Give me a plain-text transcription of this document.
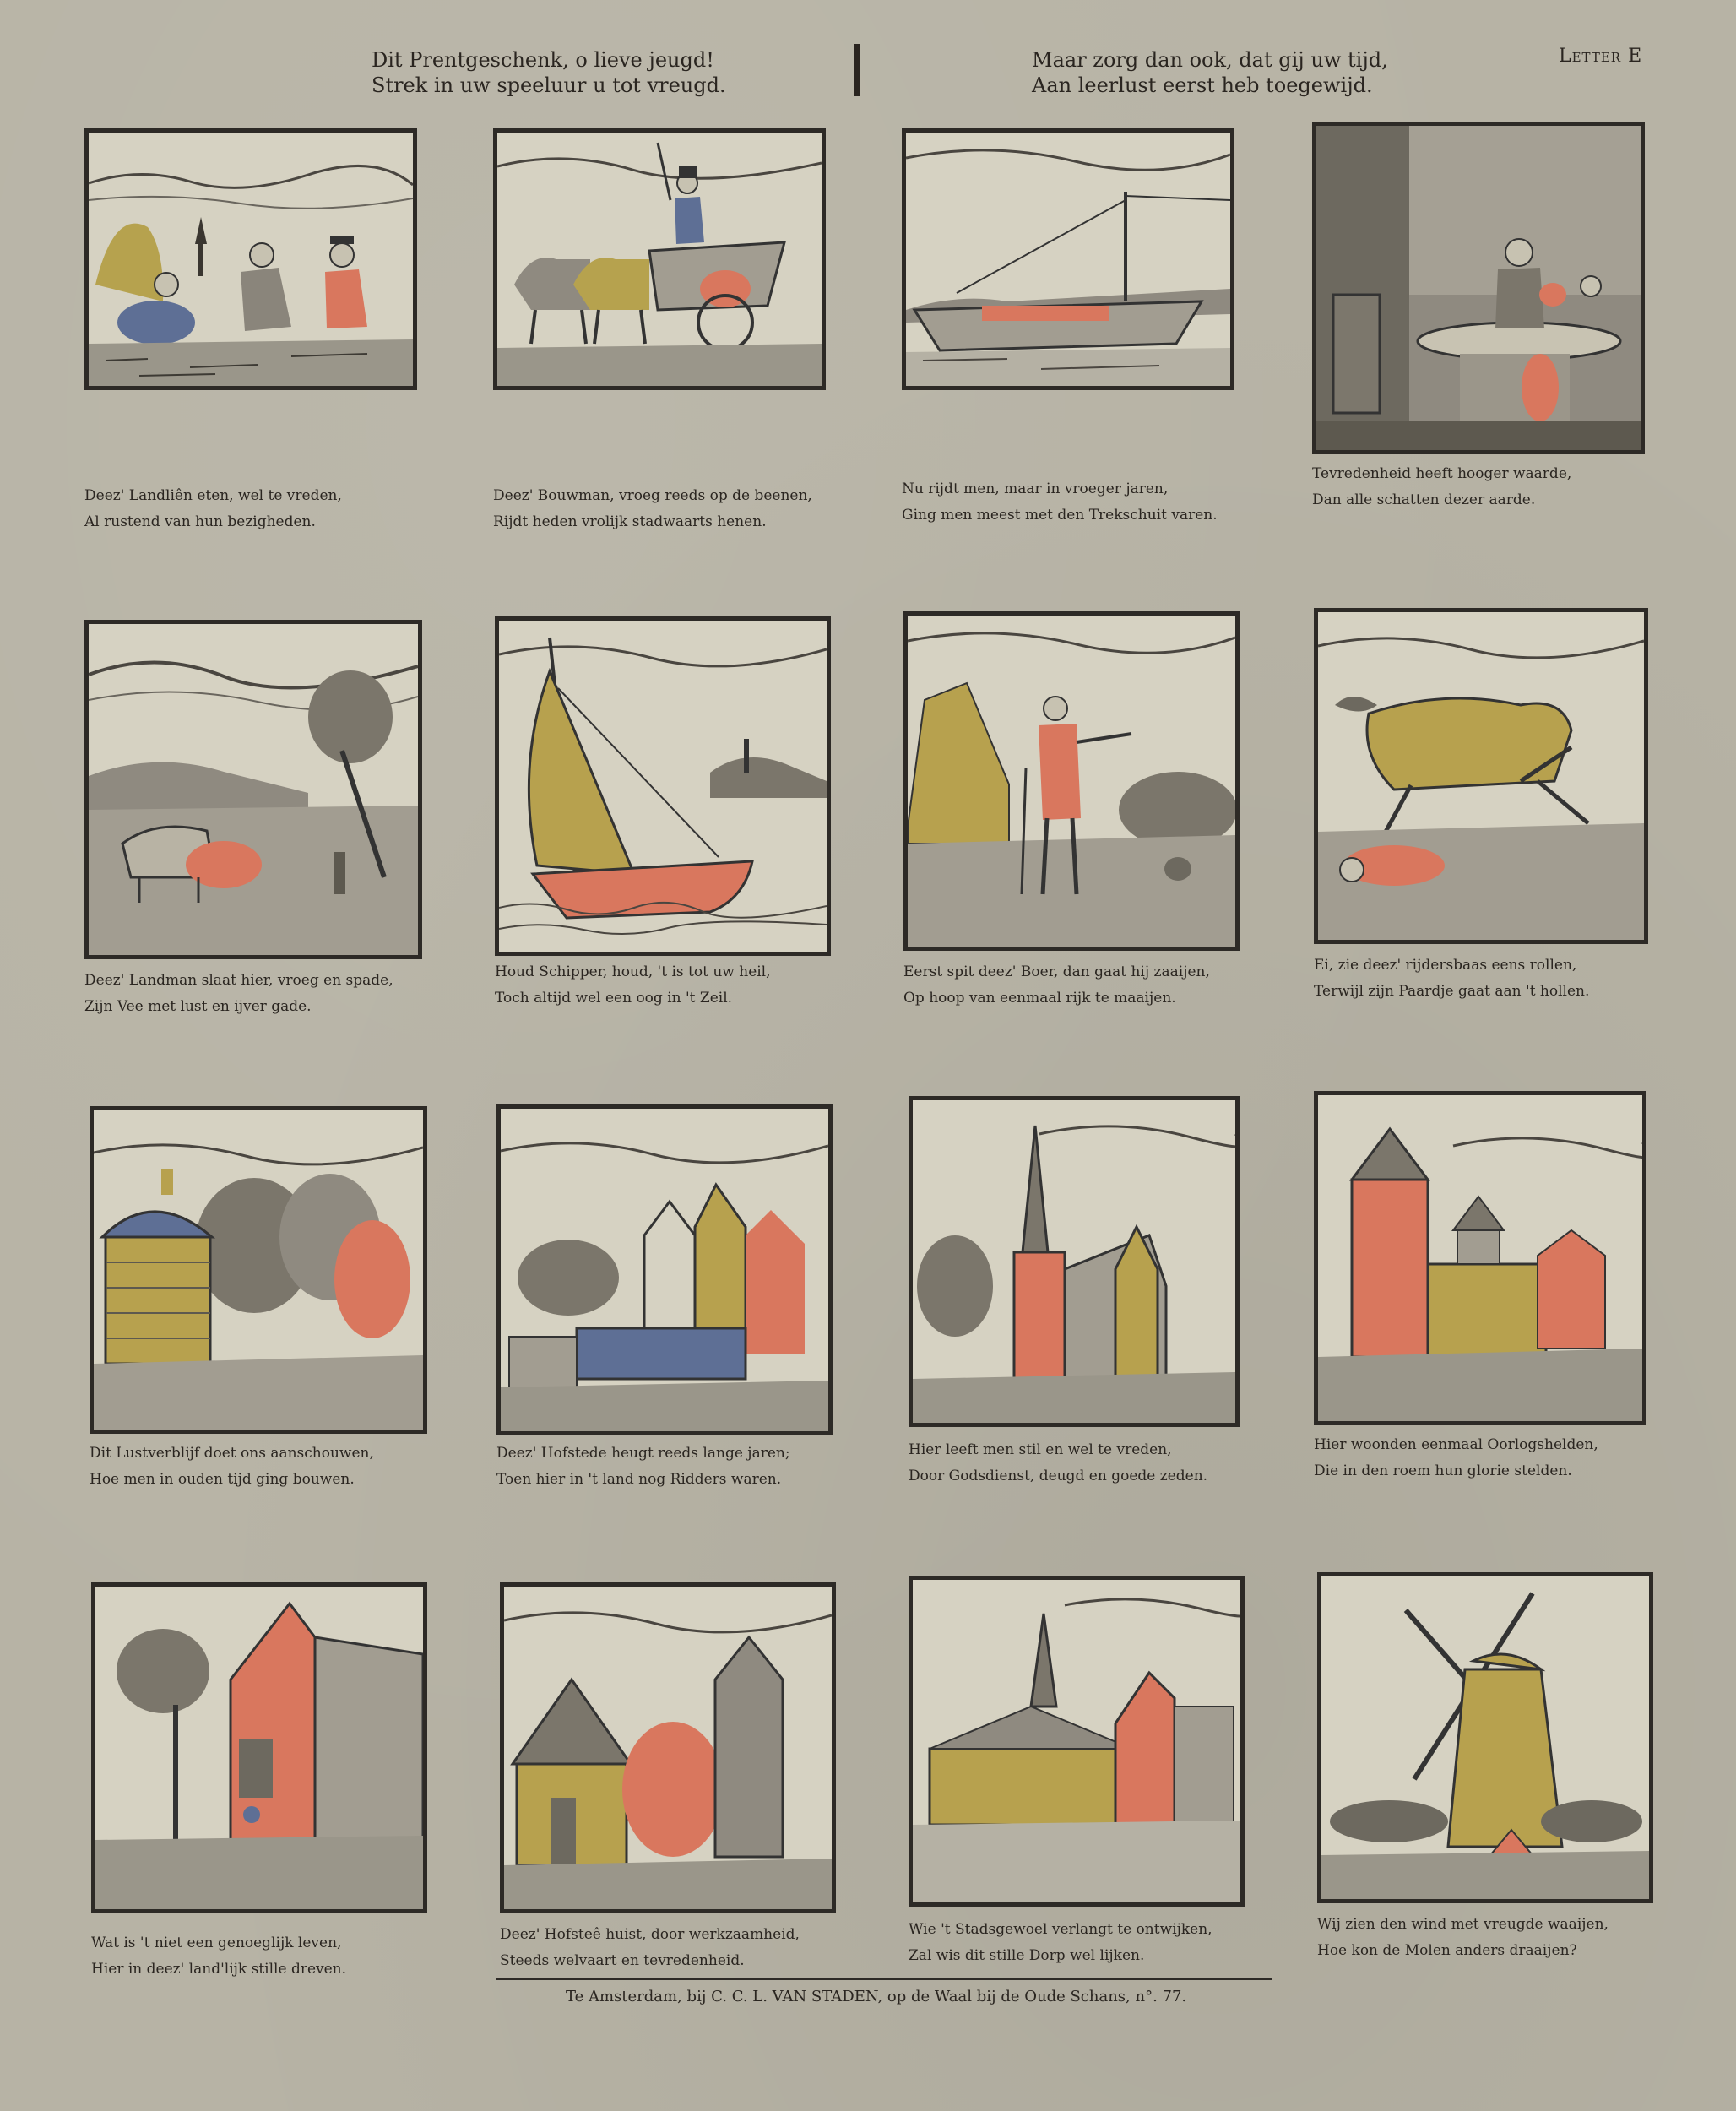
Dit Prentgeschenk, o lieve jeugd!
Strek in uw speeluur u tot vreugd.
Maar zorg dan ook, dat gij uw tijd,
Aan leerlust eerst heb toegewijd.
Letter E
Deez' Landliên eten, wel te vreden,
Al rustend van hun bezigheden.
Deez' Bouwman, vroeg reeds op de beenen,
Rijdt heden vrolijk stadwaarts henen.
Nu rijdt men, maar in vroeger jaren,
Ging men meest met den Trekschuit varen.
Tevredenheid heeft hooger waarde,
Dan alle schatten dezer aarde.
Deez' Landman slaat hier, vroeg en spade,
Zijn Vee met lust en ijver gade.
Houd Schipper, houd, 't is tot uw heil,
Toch altijd wel een oog in 't Zeil.
Eerst spit deez' Boer, dan gaat hij zaaijen,
Op hoop van eenmaal rijk te maaijen.
Ei, zie deez' rijdersbaas eens rollen,
Terwijl zijn Paardje gaat aan 't hollen.
Dit Lustverblijf doet ons aanschouwen,
Hoe men in ouden tijd ging bouwen.
Deez' Hofstede heugt reeds lange jaren;
Toen hier in 't land nog Ridders waren.
Hier leeft men stil en wel te vreden,
Door Godsdienst, deugd en goede zeden.
Hier woonden eenmaal Oorlogshelden,
Die in den roem hun glorie stelden.
Wat is 't niet een genoeglijk leven,
Hier in deez' land'lijk stille dreven.
Deez' Hofsteê huist, door werkzaamheid,
Steeds welvaart en tevredenheid.
Wie 't Stadsgewoel verlangt te ontwijken,
Zal wis dit stille Dorp wel lijken.
Wij zien den wind met vreugde waaijen,
Hoe kon de Molen anders draaijen?
Te Amsterdam, bij C. C. L. VAN STADEN, op de Waal bij de Oude Schans, n°. 77.
